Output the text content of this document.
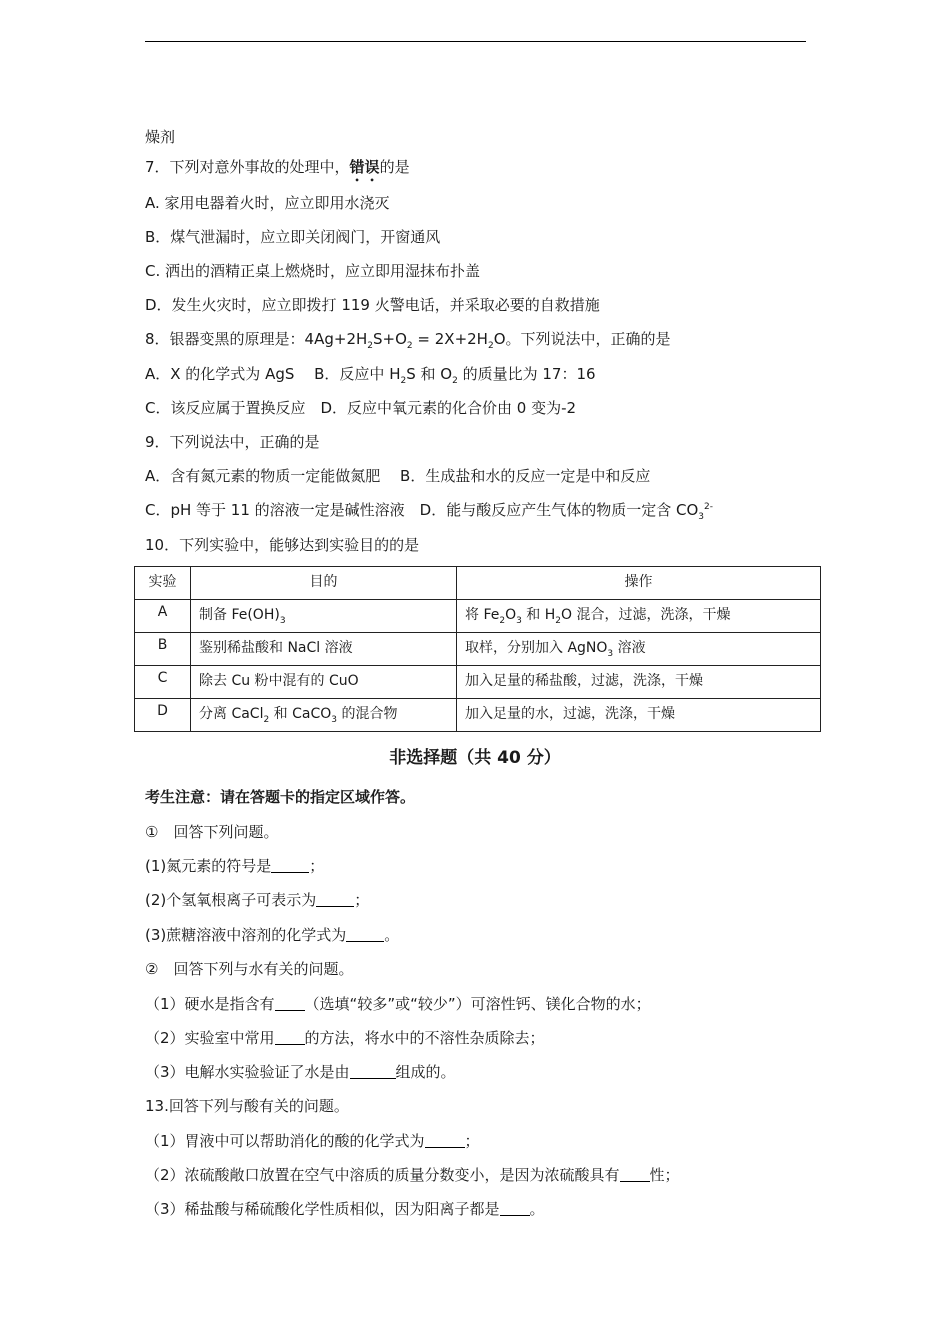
燥剂
7．下列对意外事故的处理中，错误的是
A. 家用电器着火时，应立即用水浇灭
B．煤气泄漏时，应立即关闭阀门，开窗通风
C. 洒出的酒精正桌上燃烧时，应立即用湿抹布扑盖
D．发生火灾时，应立即拨打 119 火警电话，并采取必要的自救措施
8．银器变黑的原理是：$4Ag+2H_2S+O_2 = 2X+2H_2O$。下列说法中，正确的是
A．X 的化学式为 AgS　 B．反应中 $H_2S$ 和 $O_2$ 的质量比为 17：16
C．该反应属于置换反应　D．反应中氧元素的化合价由 0 变为-2
9．下列说法中，正确的是
A．含有氮元素的物质一定能做氮肥　 B．生成盐和水的反应一定是中和反应
C．pH 等于 11 的溶液一定是碱性溶液　D．能与酸反应产生气体的物质一定含 $CO_3^{2-}$
10．下列实验中，能够达到实验目的的是
实验	目的	操作
A	制备 $Fe(OH)_3$	将 $Fe_2O_3$ 和 $H_2O$ 混合，过滤，洗涤，干燥
B	鉴别稀盐酸和 NaCl 溶液	取样，分别加入 AgNO$_3$ 溶液
C	除去 Cu 粉中混有的 CuO	加入足量的稀盐酸，过滤，洗涤，干燥
D	分离 CaCl$_2$ 和 CaCO$_3$ 的混合物	加入足量的水，过滤，洗涤，干燥
非选择题（共 40 分）
考生注意：请在答题卡的指定区域作答。
①　回答下列问题。
(1)氮元素的符号是	；
(2)个氢氧根离子可表示为	；
(3)蔗糖溶液中溶剂的化学式为	。
②　回答下列与水有关的问题。
（1）硬水是指含有 （选填“较多”或“较少”）可溶性钙、镁化合物的水；
（2）实验室中常用 的方法，将水中的不溶性杂质除去；
（3）电解水实验验证了水是由	组成的。
13.回答下列与酸有关的问题。
（1）胃液中可以帮助消化的酸的化学式为	；
（2）浓硫酸敞口放置在空气中溶质的质量分数变小，是因为浓硫酸具有 性；
（3）稀盐酸与稀硫酸化学性质相似，因为阳离子都是 。
